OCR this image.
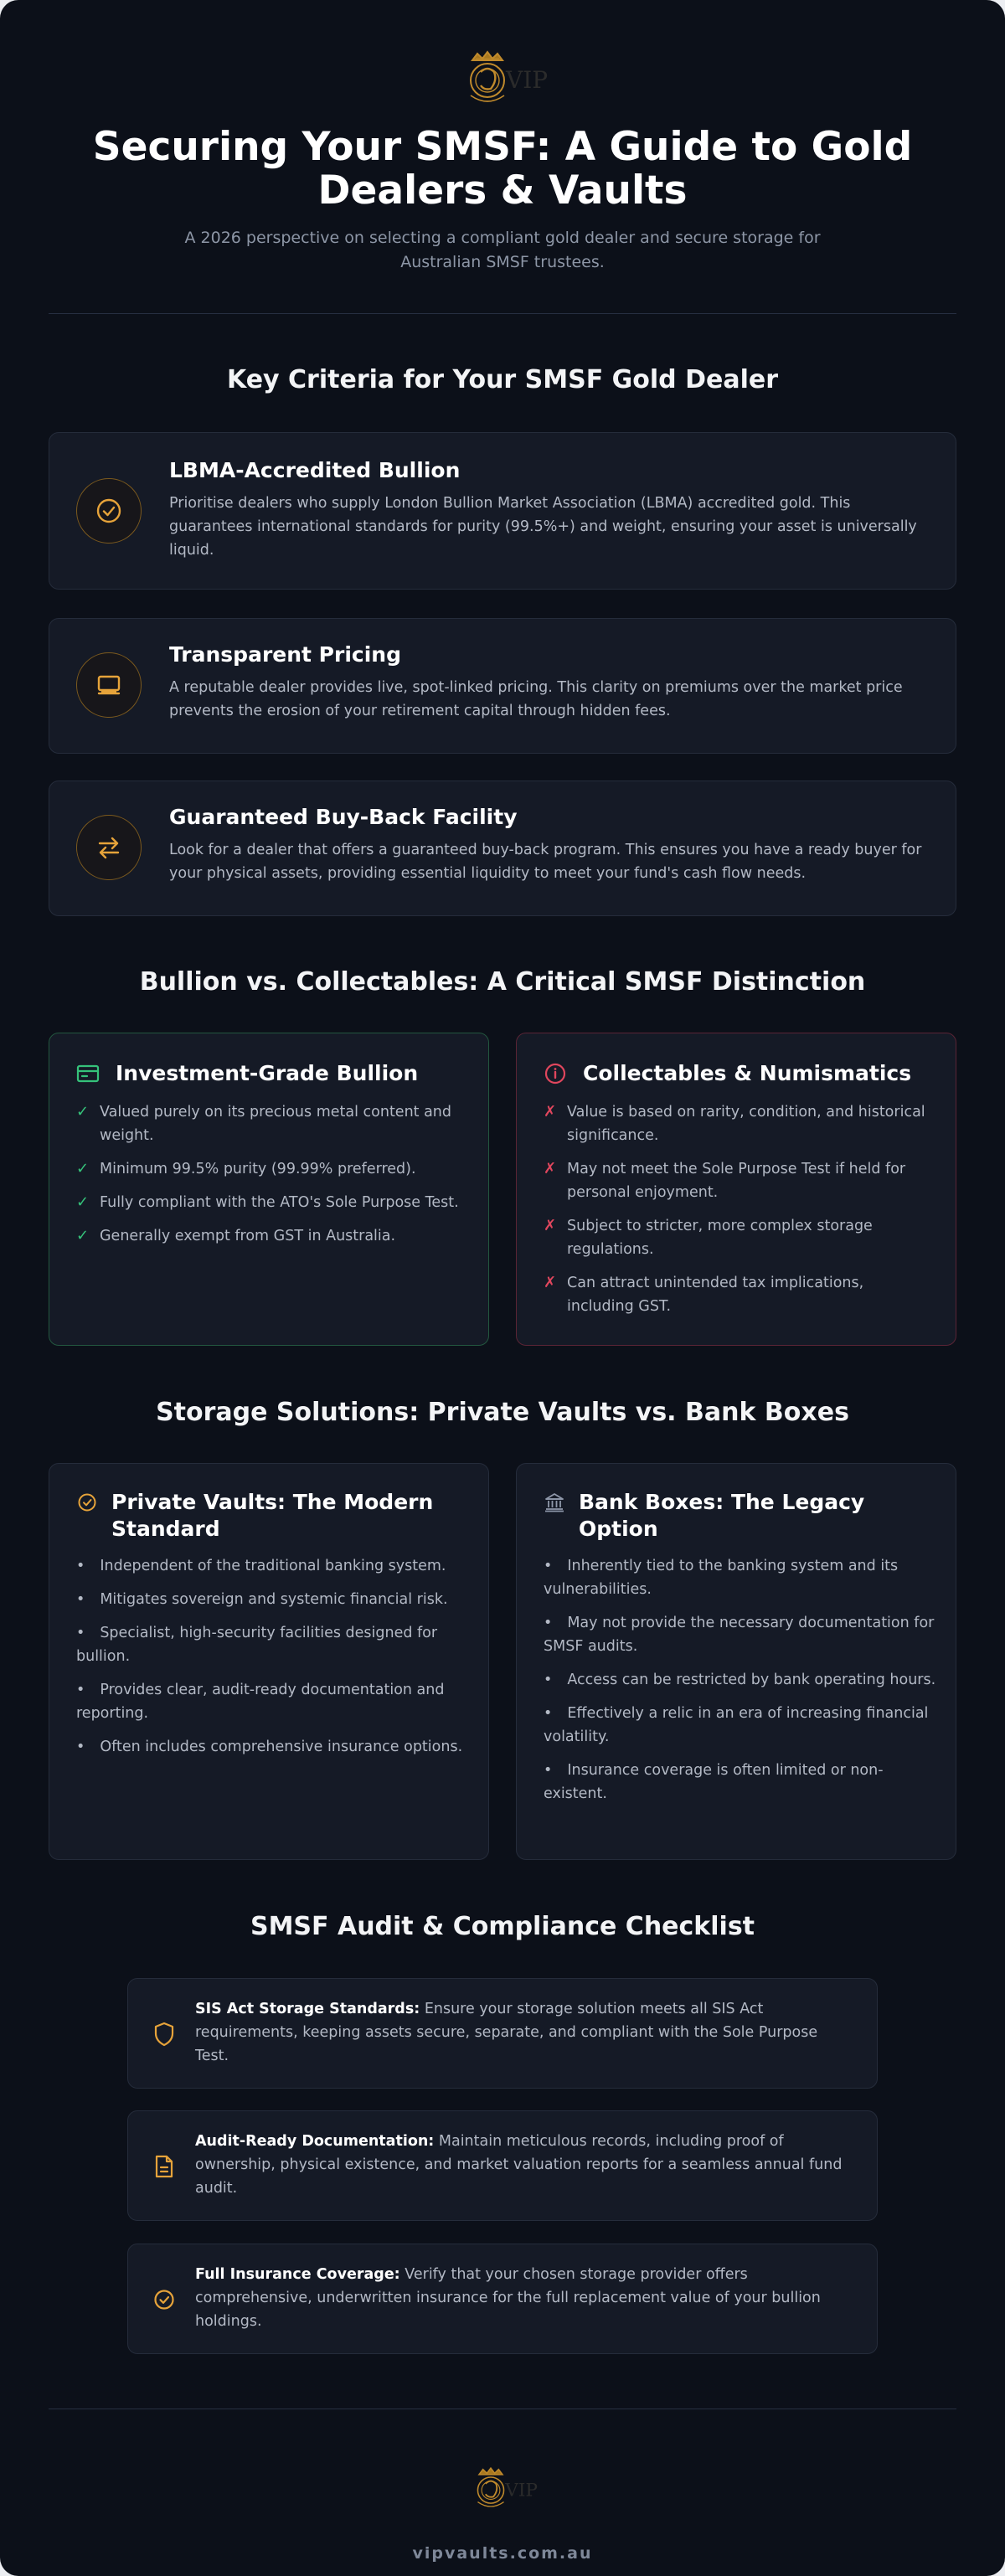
VIP
Securing Your SMSF: A Guide to Gold Dealers & Vaults

A 2026 perspective on selecting a compliant gold dealer and secure storage for Australian SMSF trustees.

Key Criteria for Your SMSF Gold Dealer
LBMA-Accredited Bullion
Prioritise dealers who supply London Bullion Market Association (LBMA) accredited gold. This guarantees international standards for purity (99.5%+) and weight, ensuring your asset is universally liquid.
Transparent Pricing
A reputable dealer provides live, spot-linked pricing. This clarity on premiums over the market price prevents the erosion of your retirement capital through hidden fees.
Guaranteed Buy-Back Facility
Look for a dealer that offers a guaranteed buy-back program. This ensures you have a ready buyer for your physical assets, providing essential liquidity to meet your fund's cash flow needs.
Bullion vs. Collectables: A Critical SMSF Distinction
Investment-Grade Bullion
✓ Valued purely on its precious metal content and weight.
✓ Minimum 99.5% purity (99.99% preferred).
✓ Fully compliant with the ATO's Sole Purpose Test.
✓ Generally exempt from GST in Australia.
Collectables & Numismatics
✗ Value is based on rarity, condition, and historical significance.
✗ May not meet the Sole Purpose Test if held for personal enjoyment.
✗ Subject to stricter, more complex storage regulations.
✗ Can attract unintended tax implications, including GST.
Storage Solutions: Private Vaults vs. Bank Boxes
Private Vaults: The Modern Standard
• Independent of the traditional banking system.
• Mitigates sovereign and systemic financial risk.
• Specialist, high-security facilities designed for bullion.
• Provides clear, audit-ready documentation and reporting.
• Often includes comprehensive insurance options.
Bank Boxes: The Legacy Option
• Inherently tied to the banking system and its vulnerabilities.
• May not provide the necessary documentation for SMSF audits.
• Access can be restricted by bank operating hours.
• Effectively a relic in an era of increasing financial volatility.
• Insurance coverage is often limited or non-existent.
SMSF Audit & Compliance Checklist

SIS Act Storage Standards: Ensure your storage solution meets all SIS Act requirements, keeping assets secure, separate, and compliant with the Sole Purpose Test.

Audit-Ready Documentation: Maintain meticulous records, including proof of ownership, physical existence, and market valuation reports for a seamless annual fund audit.

Full Insurance Coverage: Verify that your chosen storage provider offers comprehensive, underwritten insurance for the full replacement value of your bullion holdings.

VIP
vipvaults.com.au
